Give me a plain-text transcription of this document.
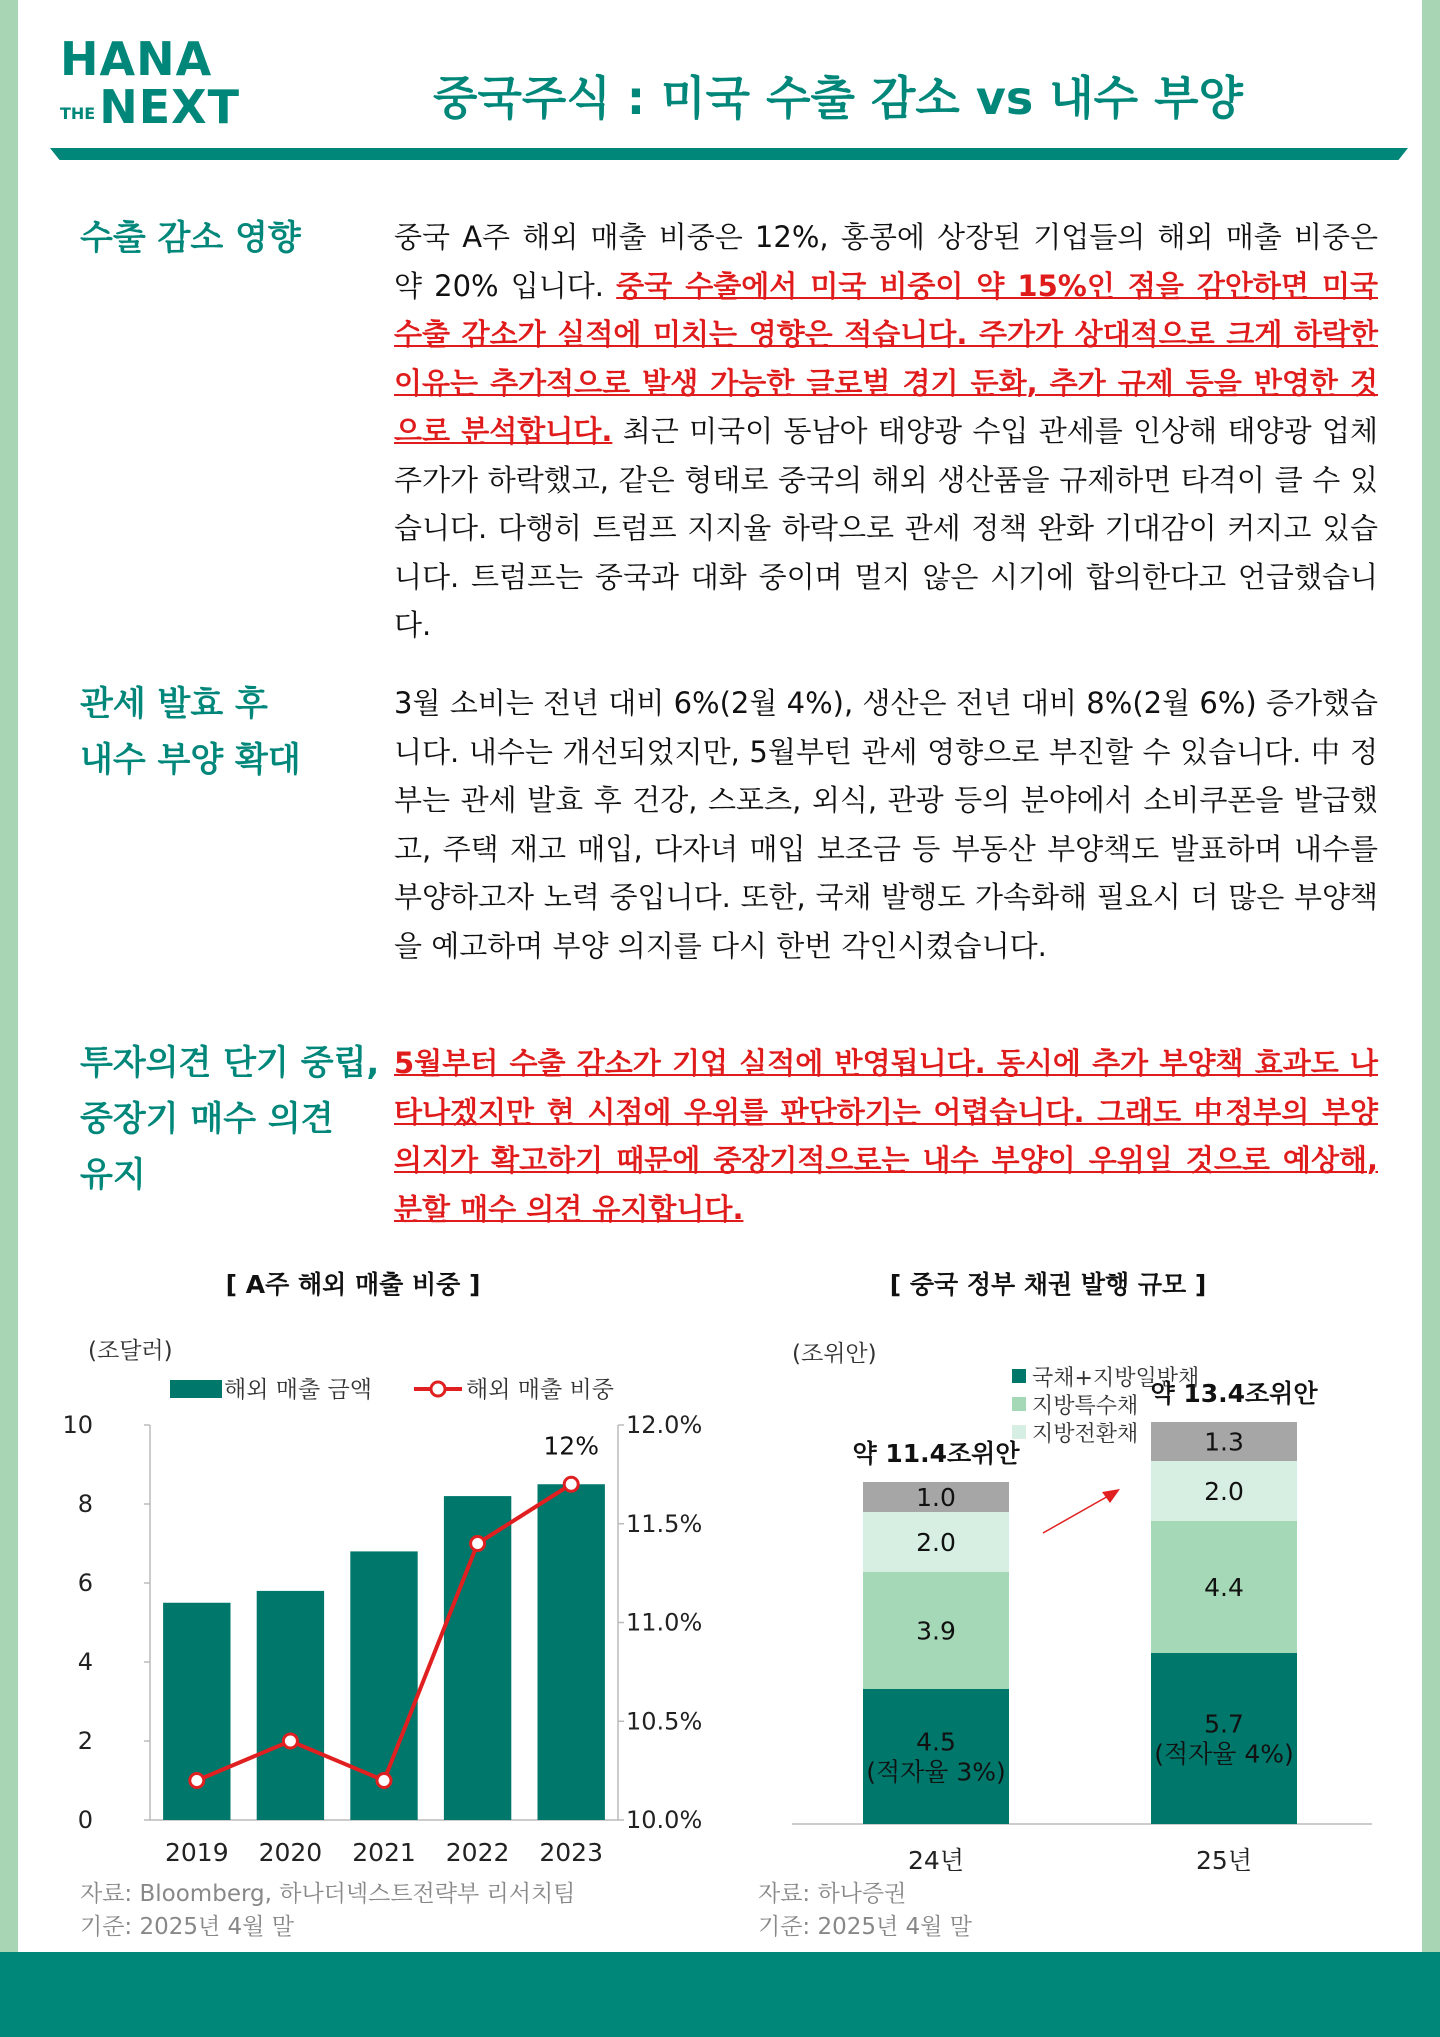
HANA
THE NEXT	중국주식 : 미국 수출 감소 vs 내수 부양
수출 감소 영향	중국 A주 해외 매출 비중은 12%, 홍콩에 상장된 기업들의 해외 매출 비중은 약 20% 입니다. 중국 수출에서 미국 비중이 약 15%인 점을 감안하면 미국 수출 감소가 실적에 미치는 영향은 적습니다. 주가가 상대적으로 크게 하락한 이유는 추가적으로 발생 가능한 글로벌 경기 둔화, 추가 규제 등을 반영한 것으로 분석합니다. 최근 미국이 동남아 태양광 수입 관세를 인상해 태양광 업체 주가가 하락했고, 같은 형태로 중국의 해외 생산품을 규제하면 타격이 클 수 있습니다. 다행히 트럼프 지지율 하락으로 관세 정책 완화 기대감이 커지고 있습니다. 트럼프는 중국과 대화 중이며 멀지 않은 시기에 합의한다고 언급했습니다.
관세 발효 후
내수 부양 확대
3월 소비는 전년 대비 6%(2월 4%), 생산은 전년 대비 8%(2월 6%) 증가했습니다. 내수는 개선되었지만, 5월부턴 관세 영향으로 부진할 수 있습니다. 中 정부는 관세 발효 후 건강, 스포츠, 외식, 관광 등의 분야에서 소비쿠폰을 발급했고, 주택 재고 매입, 다자녀 매입 보조금 등 부동산 부양책도 발표하며 내수를 부양하고자 노력 중입니다. 또한, 국채 발행도 가속화해 필요시 더 많은 부양책을 예고하며 부양 의지를 다시 한번 각인시켰습니다.
투자의견 단기 중립,
중장기 매수 의견
유지
5월부터 수출 감소가 기업 실적에 반영됩니다. 동시에 추가 부양책 효과도 나타나겠지만 현 시점에 우위를 판단하기는 어렵습니다. 그래도 中정부의 부양 의지가 확고하기 때문에 중장기적으로는 내수 부양이 우위일 것으로 예상해, 분할 매수 의견 유지합니다.
[ A주 해외 매출 비중 ]
(조달러)
해외 매출 금액	해외 매출 비중
0
2
4
6
8
10
10.0%
10.5%
11.0%
11.5%
12.0%
2019 2020 2021 2022 2023
12%
자료: Bloomberg, 하나더넥스트전략부 리서치팀
기준: 2025년 4월 말
[ 중국 정부 채권 발행 규모 ]
(조위안)
국채+지방일반채
지방특수채
지방전환채
4.5
(적자율 3%)
3.9
2.0
1.0
약 11.4조위안
24년
5.7
(적자율 4%)
4.4
2.0
1.3
약 13.4조위안
25년
자료: 하나증권
기준: 2025년 4월 말
